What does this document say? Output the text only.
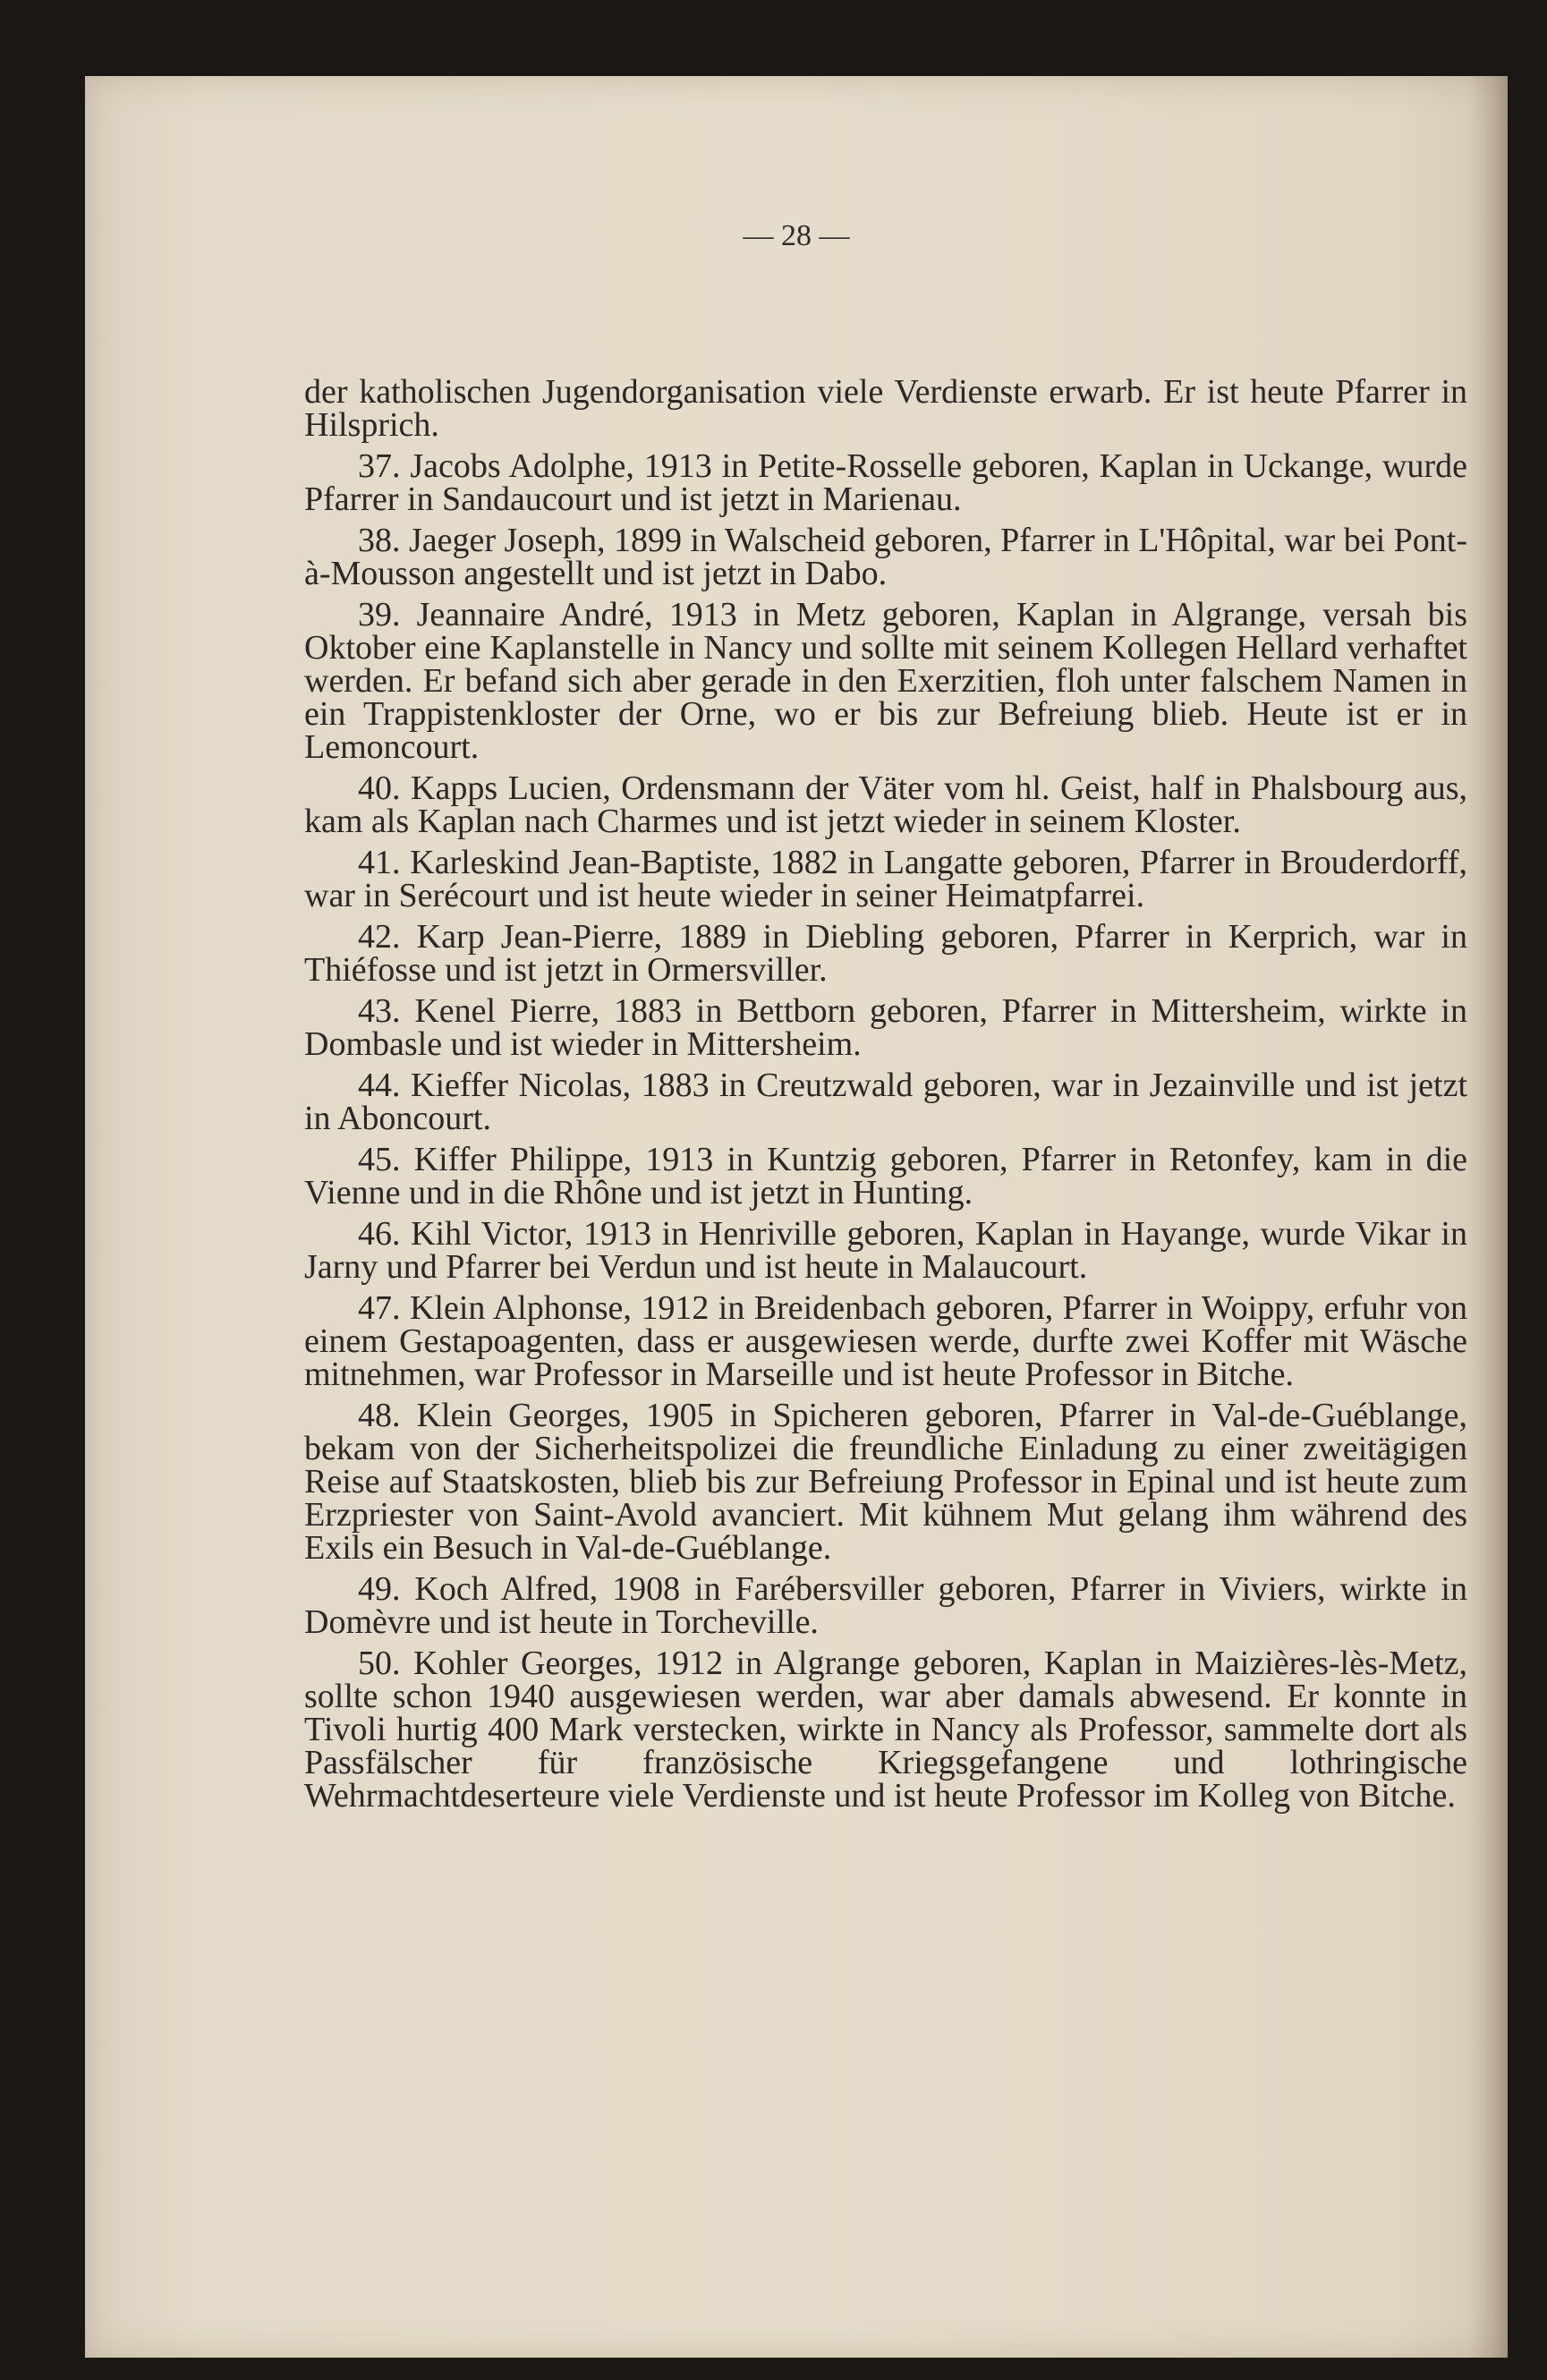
— 28 —

der katholischen Jugendorganisation viele Verdienste erwarb. Er ist heute Pfarrer in Hilsprich.

37. Jacobs Adolphe, 1913 in Petite-Rosselle geboren, Kaplan in Uckange, wurde Pfarrer in Sandaucourt und ist jetzt in Marienau.

38. Jaeger Joseph, 1899 in Walscheid geboren, Pfarrer in L'Hôpital, war bei Pont-à-Mousson angestellt und ist jetzt in Dabo.

39. Jeannaire André, 1913 in Metz geboren, Kaplan in Algrange, versah bis Oktober eine Kaplanstelle in Nancy und sollte mit seinem Kollegen Hellard verhaftet werden. Er befand sich aber gerade in den Exerzitien, floh unter falschem Namen in ein Trappistenkloster der Orne, wo er bis zur Befreiung blieb. Heute ist er in Lemoncourt.

40. Kapps Lucien, Ordensmann der Väter vom hl. Geist, half in Phalsbourg aus, kam als Kaplan nach Charmes und ist jetzt wieder in seinem Kloster.

41. Karleskind Jean-Baptiste, 1882 in Langatte geboren, Pfarrer in Brouderdorff, war in Serécourt und ist heute wieder in seiner Heimatpfarrei.

42. Karp Jean-Pierre, 1889 in Diebling geboren, Pfarrer in Kerprich, war in Thiéfosse und ist jetzt in Ormersviller.

43. Kenel Pierre, 1883 in Bettborn geboren, Pfarrer in Mittersheim, wirkte in Dombasle und ist wieder in Mittersheim.

44. Kieffer Nicolas, 1883 in Creutzwald geboren, war in Jezainville und ist jetzt in Aboncourt.

45. Kiffer Philippe, 1913 in Kuntzig geboren, Pfarrer in Retonfey, kam in die Vienne und in die Rhône und ist jetzt in Hunting.

46. Kihl Victor, 1913 in Henriville geboren, Kaplan in Hayange, wurde Vikar in Jarny und Pfarrer bei Verdun und ist heute in Malaucourt.

47. Klein Alphonse, 1912 in Breidenbach geboren, Pfarrer in Woippy, erfuhr von einem Gestapoagenten, dass er ausgewiesen werde, durfte zwei Koffer mit Wäsche mitnehmen, war Professor in Marseille und ist heute Professor in Bitche.

48. Klein Georges, 1905 in Spicheren geboren, Pfarrer in Val-de-Guéblange, bekam von der Sicherheitspolizei die freundliche Einladung zu einer zweitägigen Reise auf Staatskosten, blieb bis zur Befreiung Professor in Epinal und ist heute zum Erzpriester von Saint-Avold avanciert. Mit kühnem Mut gelang ihm während des Exils ein Besuch in Val-de-Guéblange.

49. Koch Alfred, 1908 in Farébersviller geboren, Pfarrer in Viviers, wirkte in Domèvre und ist heute in Torcheville.

50. Kohler Georges, 1912 in Algrange geboren, Kaplan in Maizières-lès-Metz, sollte schon 1940 ausgewiesen werden, war aber damals abwesend. Er konnte in Tivoli hurtig 400 Mark verstecken, wirkte in Nancy als Professor, sammelte dort als Passfälscher für französische Kriegsgefangene und lothringische Wehrmachtdeserteure viele Verdienste und ist heute Professor im Kolleg von Bitche.
